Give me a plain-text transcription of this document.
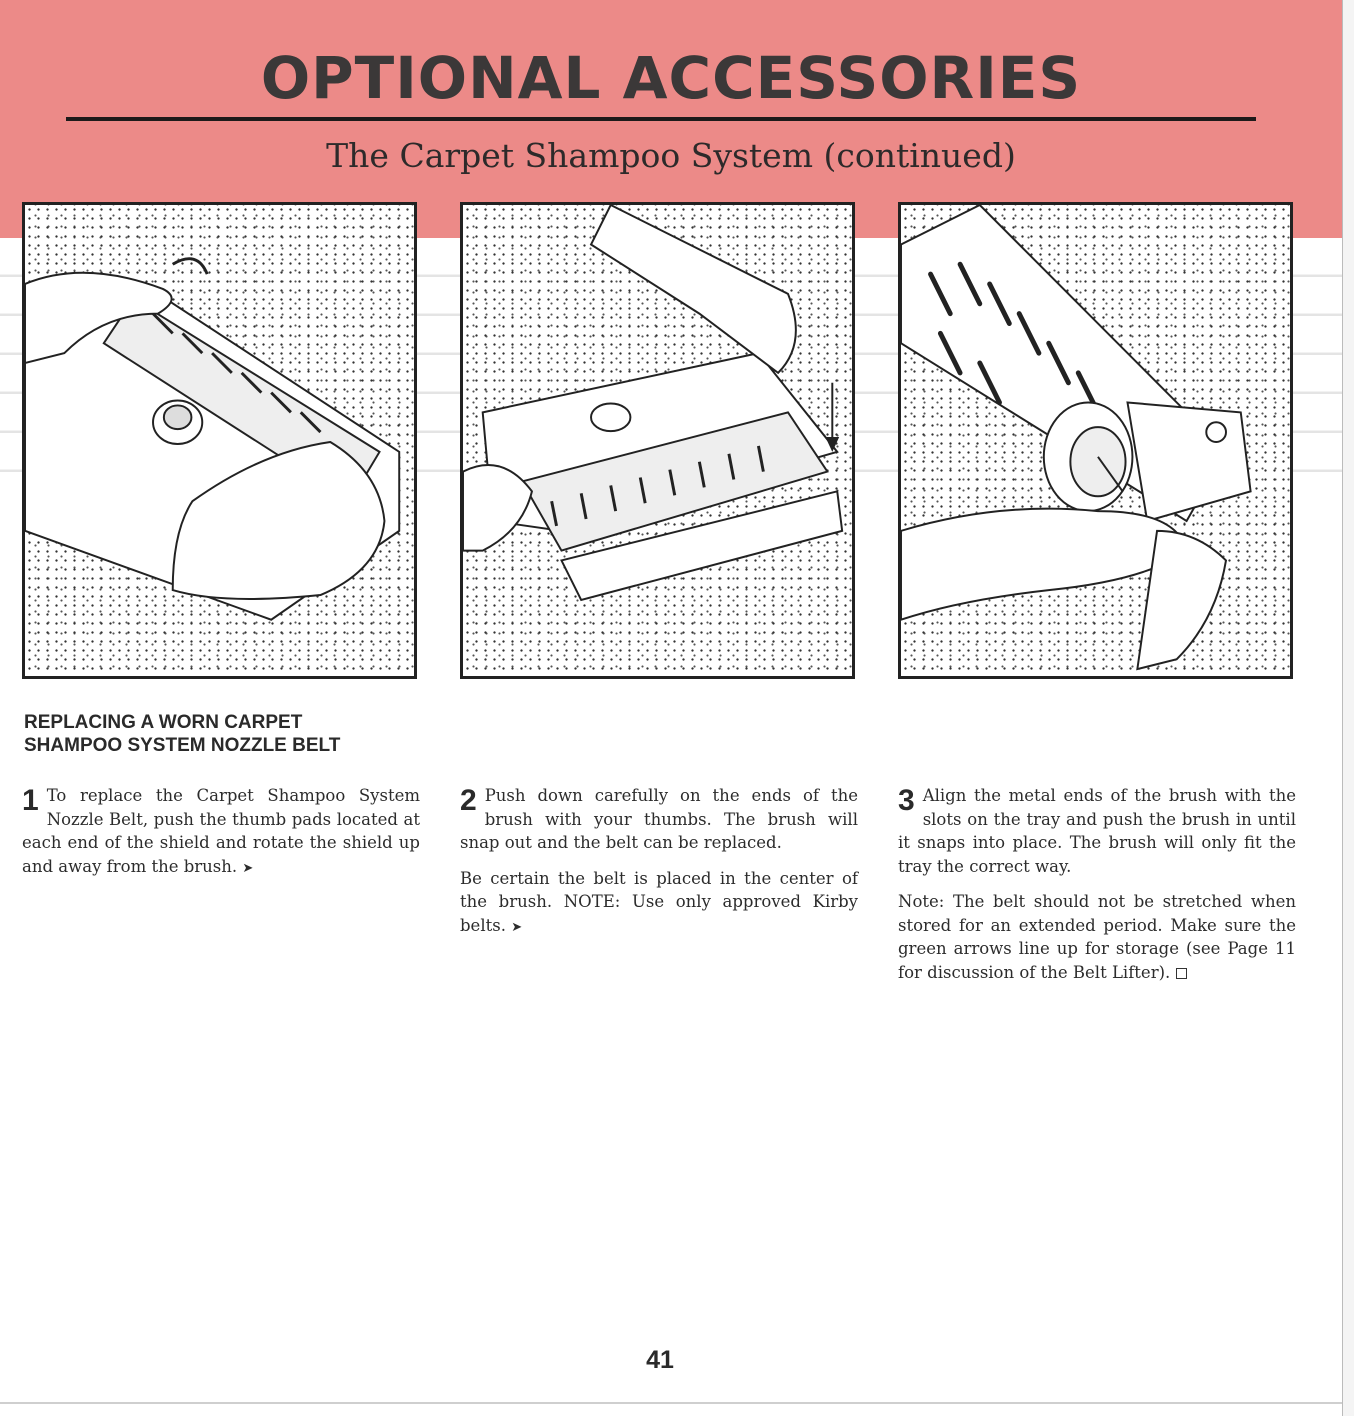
OPTIONAL ACCESSORIES
The Carpet Shampoo System (continued)
REPLACING A WORN CARPET
SHAMPOO SYSTEM NOZZLE BELT
1 To replace the Carpet Shampoo System Nozzle Belt, push the thumb pads located at each end of the shield and rotate the shield up and away from the brush. ➤

2 Push down carefully on the ends of the brush with your thumbs. The brush will snap out and the belt can be replaced.

Be certain the belt is placed in the center of the brush. NOTE: Use only approved Kirby belts. ➤

3 Align the metal ends of the brush with the slots on the tray and push the brush in until it snaps into place. The brush will only fit the tray the correct way.

Note: The belt should not be stretched when stored for an extended period. Make sure the green arrows line up for storage (see Page 11 for discussion of the Belt Lifter).

41
